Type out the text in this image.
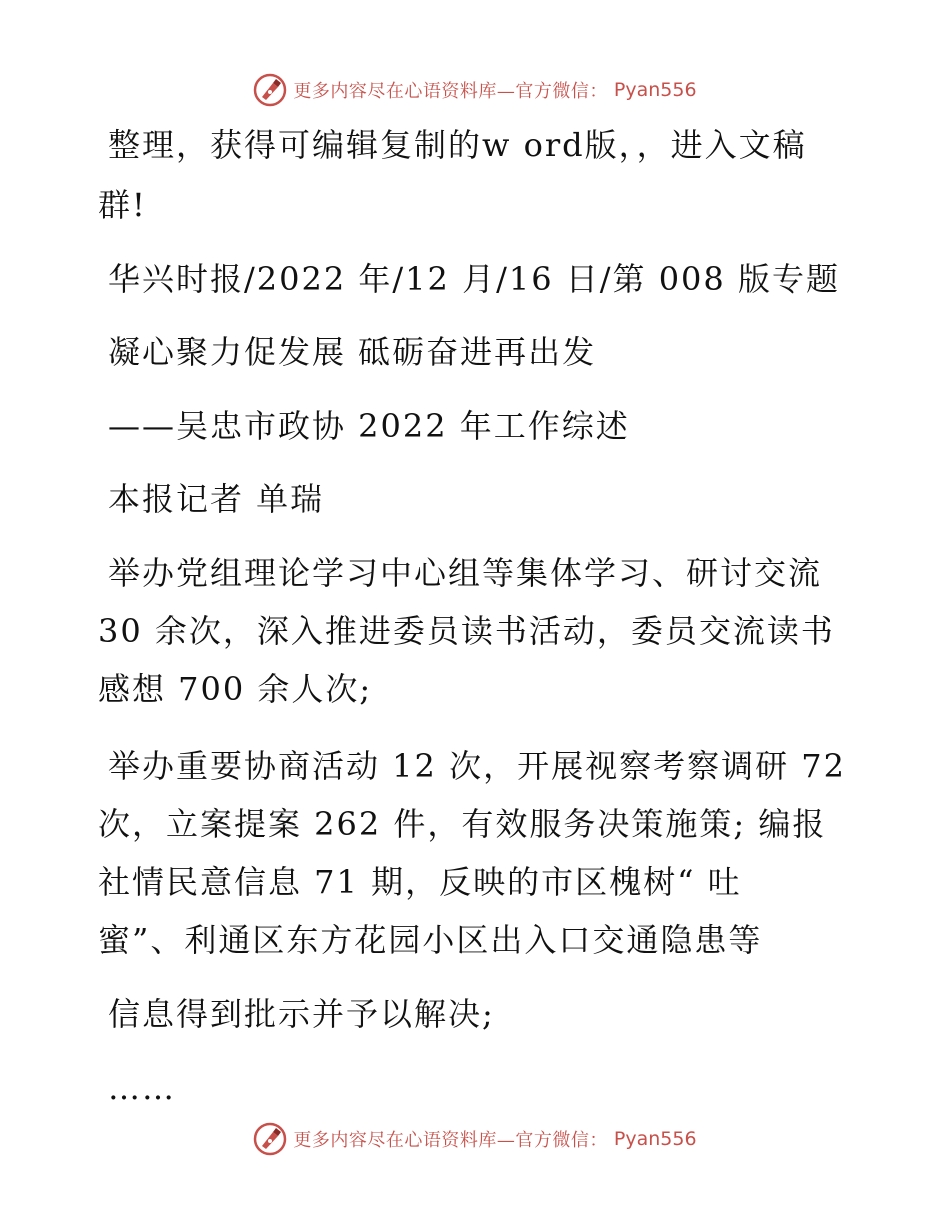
更多内容尽在心语资料库—官方微信： Pyan556
整理，获得可编辑复制的w ord版，，进入文稿
群!
华兴时报/2022 年/12 月/16 日/第 008 版专题
凝心聚力促发展 砥砺奋进再出发
——吴忠市政协 2022 年工作综述
本报记者 单瑞
举办党组理论学习中心组等集体学习、研讨交流
30 余次，深入推进委员读书活动，委员交流读书
感想 700 余人次;
举办重要协商活动 12 次，开展视察考察调研 72
次，立案提案 262 件，有效服务决策施策; 编报
社情民意信息 71 期，反映的市区槐树“ 吐
蜜”、利通区东方花园小区出入口交通隐患等
信息得到批示并予以解决;
……
更多内容尽在心语资料库—官方微信： Pyan556
